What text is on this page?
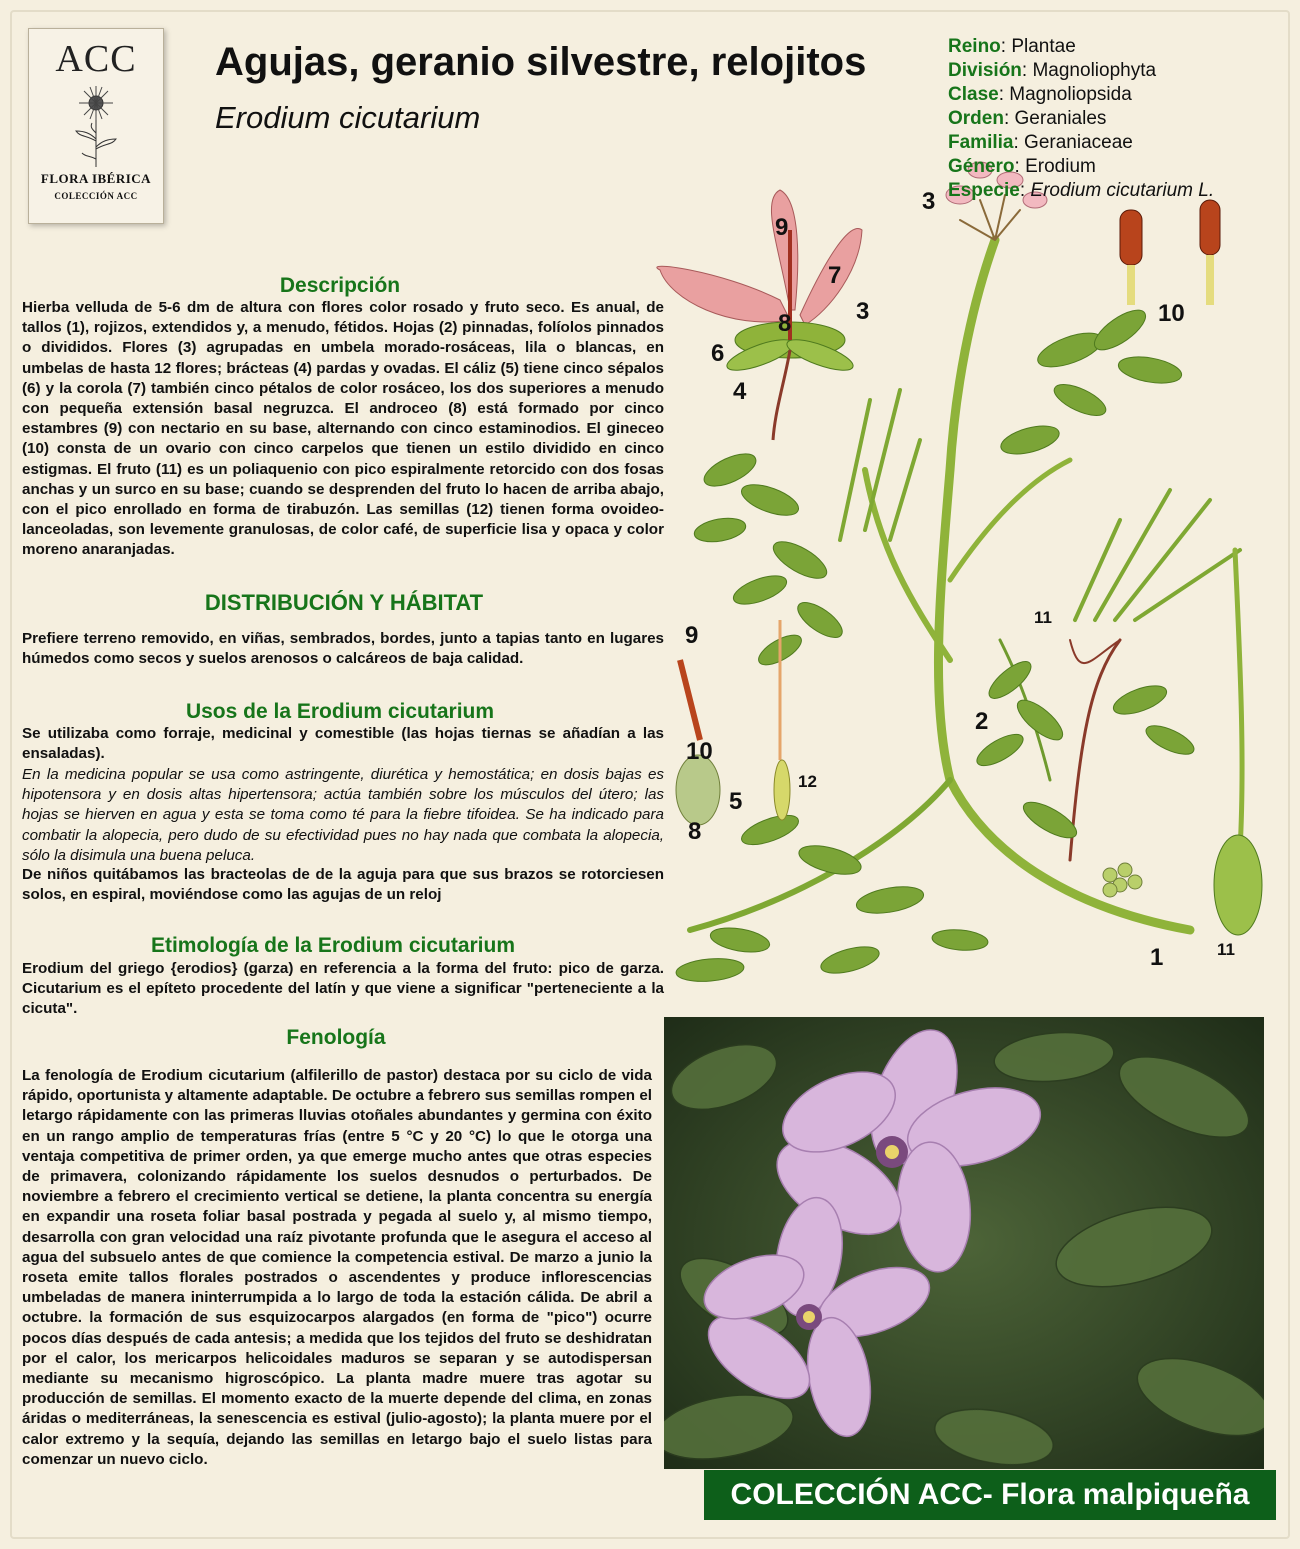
ACC
FLORA IBÉRICA
COLECCIÓN ACC
Agujas, geranio silvestre, relojitos
Erodium cicutarium
Reino: Plantae
División: Magnoliophyta
Clase: Magnoliopsida
Orden: Geraniales
Familia: Geraniaceae
Género: Erodium
Especie: Erodium cicutarium L.
Descripción
Hierba velluda de 5-6 dm de altura con flores color rosado y fruto seco. Es anual, de tallos (1), rojizos, extendidos y, a menudo, fétidos. Hojas (2) pinnadas, folíolos pinnados o divididos. Flores (3) agrupadas en umbela morado-rosáceas, lila o blancas, en umbelas de hasta 12 flores; brácteas (4) pardas y ovadas. El cáliz (5) tiene cinco sépalos (6) y la corola (7) también cinco pétalos de color rosáceo, los dos superiores a menudo con pequeña extensión basal negruzca. El androceo (8) está formado por cinco estambres (9) con nectario en su base, alternando con cinco estaminodios. El gineceo (10) consta de un ovario con cinco carpelos que tienen un estilo dividido en cinco estigmas. El fruto (11) es un poliaquenio con pico espiralmente retorcido con dos fosas anchas y un surco en su base; cuando se desprenden del fruto lo hacen de arriba abajo, con el pico enrollado en forma de tirabuzón. Las semillas (12) tienen forma ovoideo-lanceoladas, son levemente granulosas, de color café, de superficie lisa y opaca y color moreno anaranjadas.
DISTRIBUCIÓN Y HÁBITAT
Prefiere terreno removido, en viñas, sembrados, bordes, junto a tapias tanto en lugares húmedos como secos y suelos arenosos o calcáreos de baja calidad.
Usos de la Erodium cicutarium
Se utilizaba como forraje, medicinal y comestible (las hojas tiernas se añadían a las ensaladas).
En la medicina popular se usa como astringente, diurética y hemostática; en dosis bajas es hipotensora y en dosis altas hipertensora; actúa también sobre los músculos del útero; las hojas se hierven en agua y esta se toma como té para la fiebre tifoidea. Se ha indicado para combatir la alopecia, pero dudo de su efectividad pues no hay nada que combata la alopecia, sólo la disimula una buena peluca.
De niños quitábamos las bracteolas de de la aguja para que sus brazos se rotorciesen solos, en espiral, moviéndose como las agujas de un reloj
Etimología de la Erodium cicutarium
Erodium del griego {erodios} (garza) en referencia a la forma del fruto: pico de garza. Cicutarium es el epíteto procedente del latín y que viene a significar "perteneciente a la cicuta".
Fenología
La fenología de Erodium cicutarium (alfilerillo de pastor) destaca por su ciclo de vida rápido, oportunista y altamente adaptable. De octubre a febrero sus semillas rompen el letargo rápidamente con las primeras lluvias otoñales abundantes y germina con éxito en un rango amplio de temperaturas frías (entre 5 °C y 20 °C) lo que le otorga una ventaja competitiva de primer orden, ya que emerge mucho antes que otras especies de primavera, colonizando rápidamente los suelos desnudos o perturbados. De noviembre a febrero el crecimiento vertical se detiene, la planta concentra su energía en expandir una roseta foliar basal postrada y pegada al suelo y, al mismo tiempo, desarrolla con gran velocidad una raíz pivotante profunda que le asegura el acceso al agua del subsuelo antes de que comience la competencia estival. De marzo a junio la roseta emite tallos florales postrados o ascendentes y produce inflorescencias umbeladas de manera ininterrumpida a lo largo de toda la estación cálida. De abril a octubre. la formación de sus esquizocarpos alargados (en forma de "pico") ocurre pocos días después de cada antesis; a medida que los tejidos del fruto se deshidratan por el calor, los mericarpos helicoidales maduros se separan y se autodispersan mediante su mecanismo higroscópico. La planta madre muere tras agotar su producción de semillas. El momento exacto de la muerte depende del clima, en zonas áridas o mediterráneas, la senescencia es estival (julio-agosto); la planta muere por el calor extremo y la sequía, dejando las semillas en letargo bajo el suelo listas para comenzar un nuevo ciclo.
1
2
3
3
4
5
6
7
8
8
9
9
10
10
11
11
12
COLECCIÓN ACC- Flora malpiqueña
